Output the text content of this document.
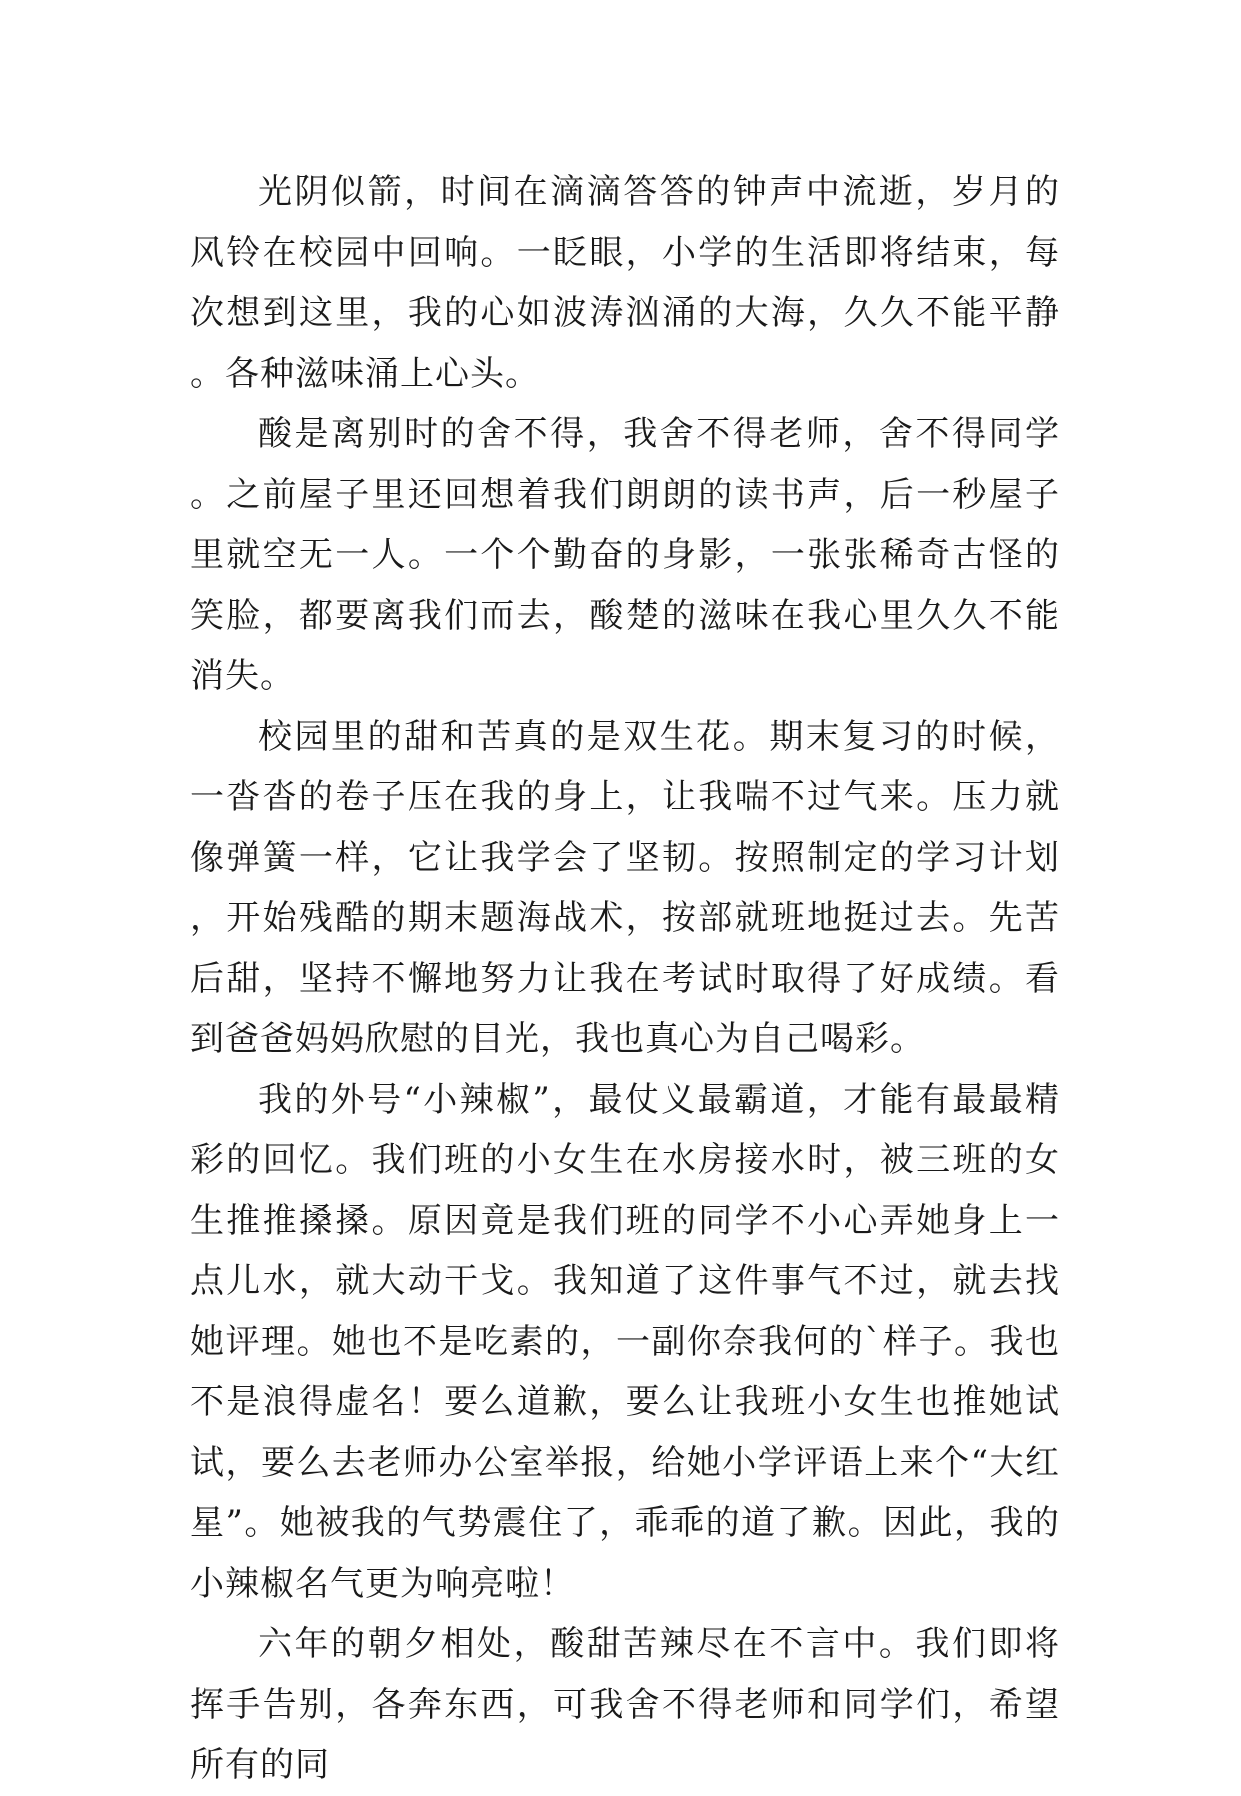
光阴似箭，时间在滴滴答答的钟声中流逝，岁月的风铃在校园中回响。一眨眼，小学的生活即将结束，每次想到这里，我的心如波涛汹涌的大海，久久不能平静。各种滋味涌上心头。

酸是离别时的舍不得，我舍不得老师，舍不得同学。之前屋子里还回想着我们朗朗的读书声，后一秒屋子里就空无一人。一个个勤奋的身影，一张张稀奇古怪的笑脸，都要离我们而去，酸楚的滋味在我心里久久不能消失。

校园里的甜和苦真的是双生花。期末复习的时候，一沓沓的卷子压在我的身上，让我喘不过气来。压力就像弹簧一样，它让我学会了坚韧。按照制定的学习计划，开始残酷的期末题海战术，按部就班地挺过去。先苦后甜，坚持不懈地努力让我在考试时取得了好成绩。看到爸爸妈妈欣慰的目光，我也真心为自己喝彩。

我的外号“小辣椒”，最仗义最霸道，才能有最最精彩的回忆。我们班的小女生在水房接水时，被三班的女生推推搡搡。原因竟是我们班的同学不小心弄她身上一点儿水，就大动干戈。我知道了这件事气不过，就去找她评理。她也不是吃素的，一副你奈我何的`样子。我也不是浪得虚名！要么道歉，要么让我班小女生也推她试试，要么去老师办公室举报，给她小学评语上来个“大红星”。她被我的气势震住了，乖乖的道了歉。因此，我的小辣椒名气更为响亮啦！

六年的朝夕相处，酸甜苦辣尽在不言中。我们即将挥手告别，各奔东西，可我舍不得老师和同学们，希望所有的同
